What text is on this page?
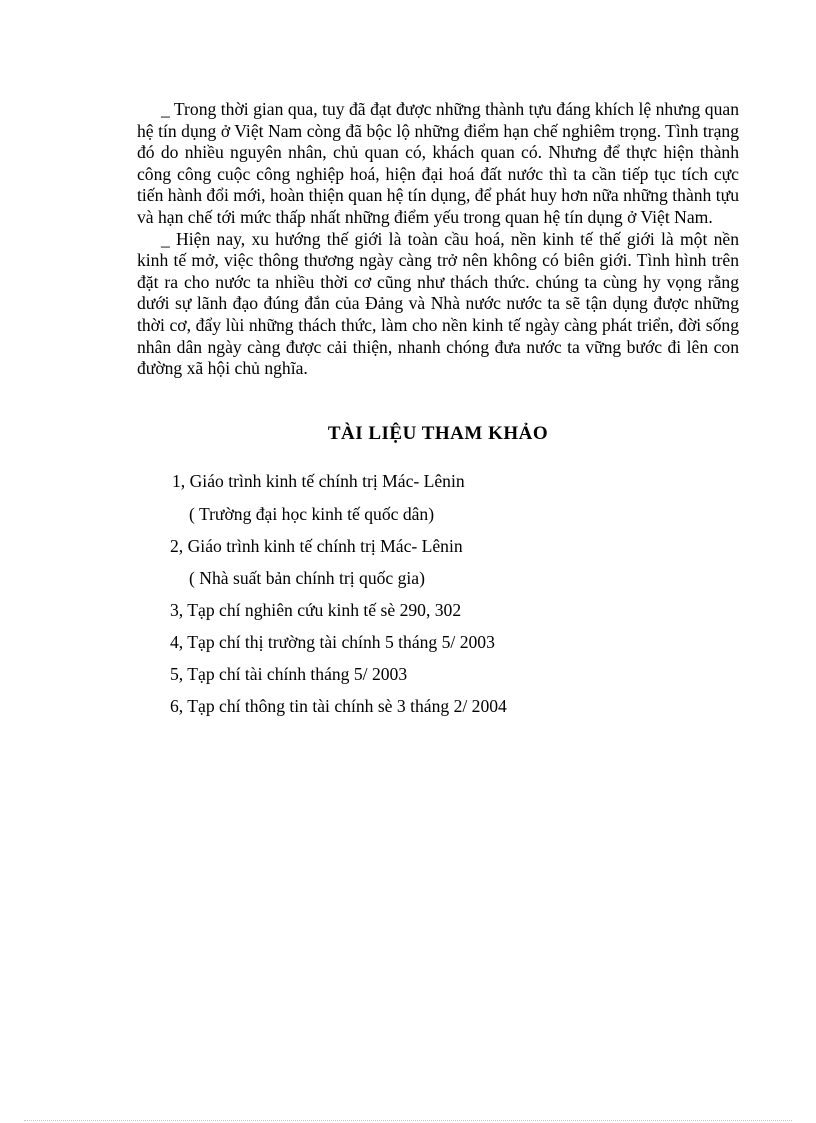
_ Trong thời gian qua, tuy đã đạt được những thành tựu đáng khích lệ nhưng quan hệ tín dụng ở Việt Nam còng đã bộc lộ những điểm hạn chế nghiêm trọng. Tình trạng đó do nhiều nguyên nhân, chủ quan có, khách quan có. Nhưng để thực hiện thành công công cuộc công nghiệp hoá, hiện đại hoá đất nước thì ta cần tiếp tục tích cực tiến hành đổi mới, hoàn thiện quan hệ tín dụng, để phát huy hơn nữa những thành tựu và hạn chế tới mức thấp nhất những điểm yếu trong quan hệ tín dụng ở Việt Nam.

_ Hiện nay, xu hướng thế giới là toàn cầu hoá, nền kinh tế thế giới là một nền kinh tế mở, việc thông thương ngày càng trở nên không có biên giới. Tình hình trên đặt ra cho nước ta nhiều thời cơ cũng như thách thức. chúng ta cùng hy vọng rằng dưới sự lãnh đạo đúng đắn của Đảng và Nhà nước nước ta sẽ tận dụng được những thời cơ, đẩy lùi những thách thức, làm cho nền kinh tế ngày càng phát triển, đời sống nhân dân ngày càng được cải thiện, nhanh chóng đưa nước ta vững bước đi lên con đường xã hội chủ nghĩa.

TÀI LIỆU THAM KHẢO
1, Giáo trình kinh tế chính trị Mác- Lênin
( Trường đại học kinh tế quốc dân)
2, Giáo trình kinh tế chính trị Mác- Lênin
( Nhà suất bản chính trị quốc gia)
3, Tạp chí nghiên cứu kinh tế sè 290, 302
4, Tạp chí thị trường tài chính 5 tháng 5/ 2003
5, Tạp chí tài chính tháng 5/ 2003
6, Tạp chí thông tin tài chính sè 3 tháng 2/ 2004
